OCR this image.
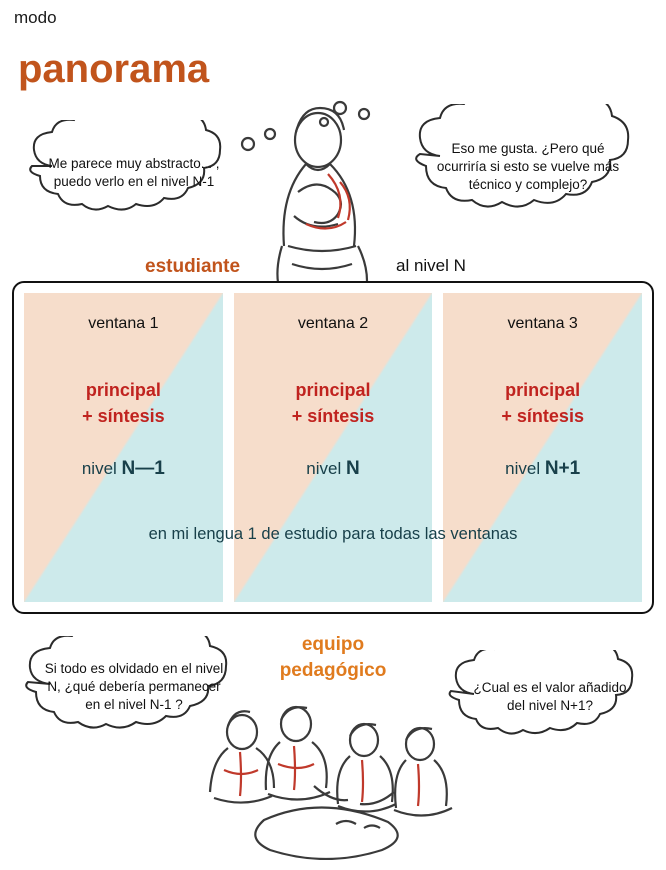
modo
panorama
Me parece muy abstracto... , puedo verlo en el nivel N-1
Eso me gusta. ¿Pero qué ocurriría si esto se vuelve más técnico y complejo?
estudiante	al nivel N
ventana 1
principal
+ síntesis
nivel N—1
ventana 2
principal
+ síntesis
nivel N
ventana 3
principal
+ síntesis
nivel N+1
en mi lengua 1 de estudio para todas las ventanas
equipo
pedagógico
Si todo es olvidado en el nivel N, ¿qué debería permanecer en el nivel N-1 ?
¿Cual es el valor añadido del nivel N+1?
